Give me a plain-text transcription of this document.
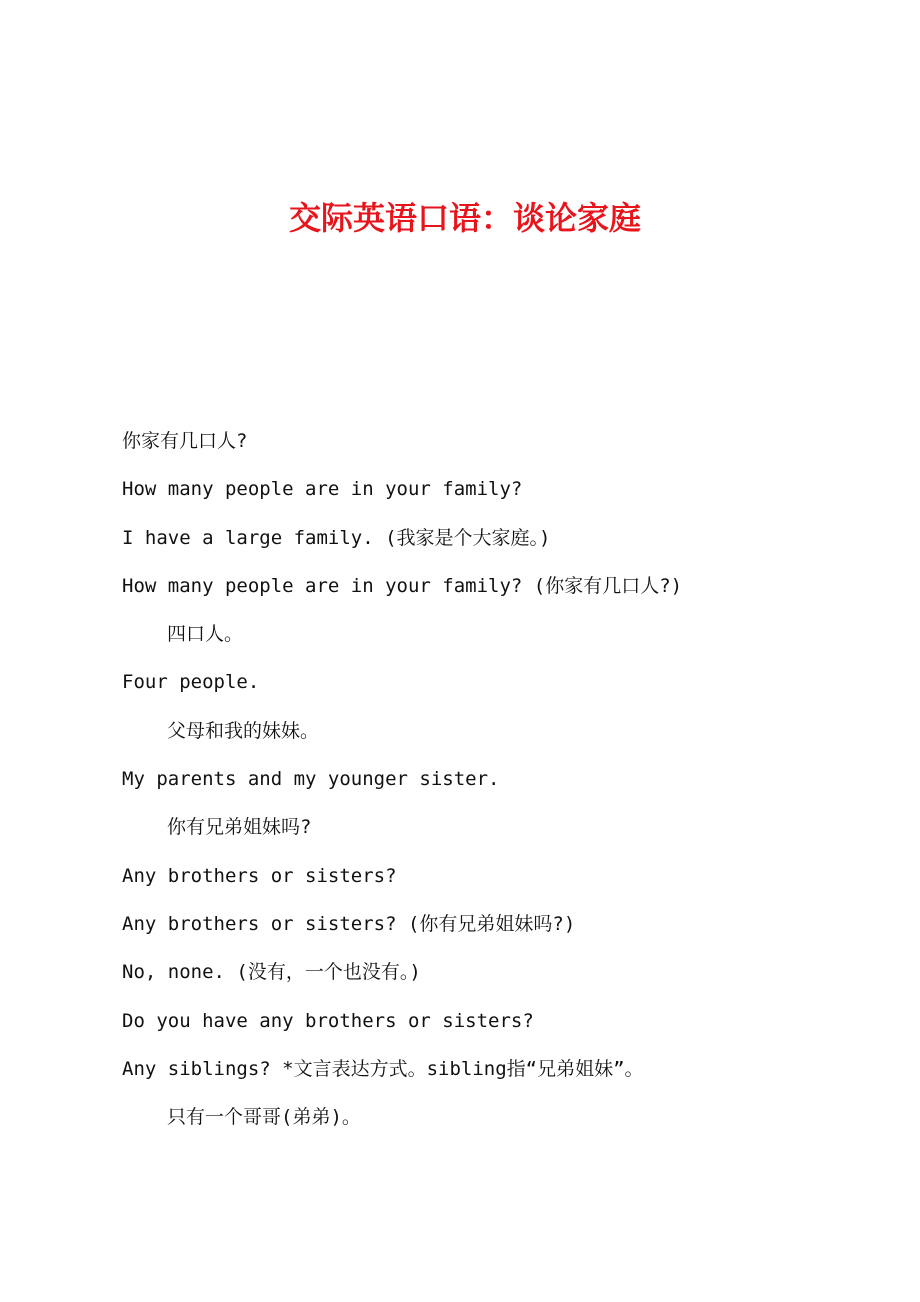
交际英语口语：谈论家庭
你家有几口人?
How many people are in your family?
I have a large family. (我家是个大家庭。)
How many people are in your family? (你家有几口人?)
四口人。
Four people.
父母和我的妹妹。
My parents and my younger sister.
你有兄弟姐妹吗?
Any brothers or sisters?
Any brothers or sisters? (你有兄弟姐妹吗?)
No, none. (没有，一个也没有。)
Do you have any brothers or sisters?
Any siblings? *文言表达方式。sibling指“兄弟姐妹”。
只有一个哥哥(弟弟)。
